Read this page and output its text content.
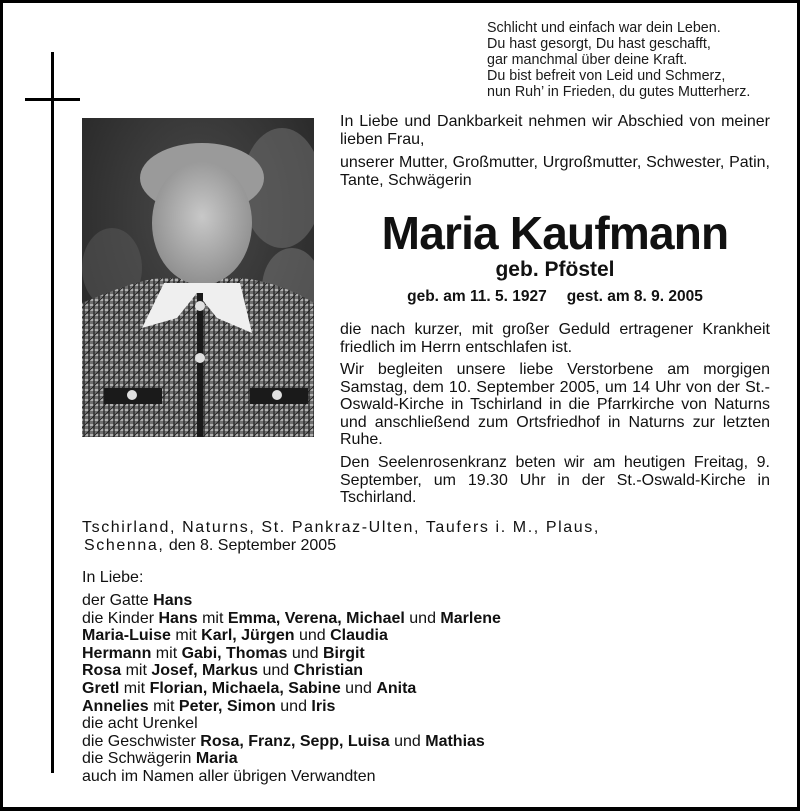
Schlicht und einfach war dein Leben.
Du hast gesorgt, Du hast geschafft,
gar manchmal über deine Kraft.
Du bist befreit von Leid und Schmerz,
nun Ruh’ in Frieden, du gutes Mutterherz.
In Liebe und Dankbarkeit nehmen wir Abschied von meiner lieben Frau,
unserer Mutter, Großmutter, Urgroßmutter, Schwester, Patin, Tante, Schwägerin
Maria Kaufmann
geb. Pföstel
geb. am 11. 5. 1927 gest. am 8. 9. 2005
die nach kurzer, mit großer Geduld ertragener Krankheit friedlich im Herrn entschlafen ist.
Wir begleiten unsere liebe Verstorbene am morgigen Samstag, dem 10. September 2005, um 14 Uhr von der St.-Oswald-Kirche in Tschirland in die Pfarrkirche von Naturns und anschließend zum Ortsfriedhof in Naturns zur letzten Ruhe.
Den Seelenrosenkranz beten wir am heutigen Freitag, 9. September, um 19.30 Uhr in der St.-Oswald-Kirche in Tschirland.
Tschirland, Naturns, St. Pankraz-Ulten, Taufers i. M., Plaus,
Schenna, den 8. September 2005
In Liebe:
der Gatte Hans
die Kinder Hans mit Emma, Verena, Michael und Marlene
Maria-Luise mit Karl, Jürgen und Claudia
Hermann mit Gabi, Thomas und Birgit
Rosa mit Josef, Markus und Christian
Gretl mit Florian, Michaela, Sabine und Anita
Annelies mit Peter, Simon und Iris
die acht Urenkel
die Geschwister Rosa, Franz, Sepp, Luisa und Mathias
die Schwägerin Maria
auch im Namen aller übrigen Verwandten
